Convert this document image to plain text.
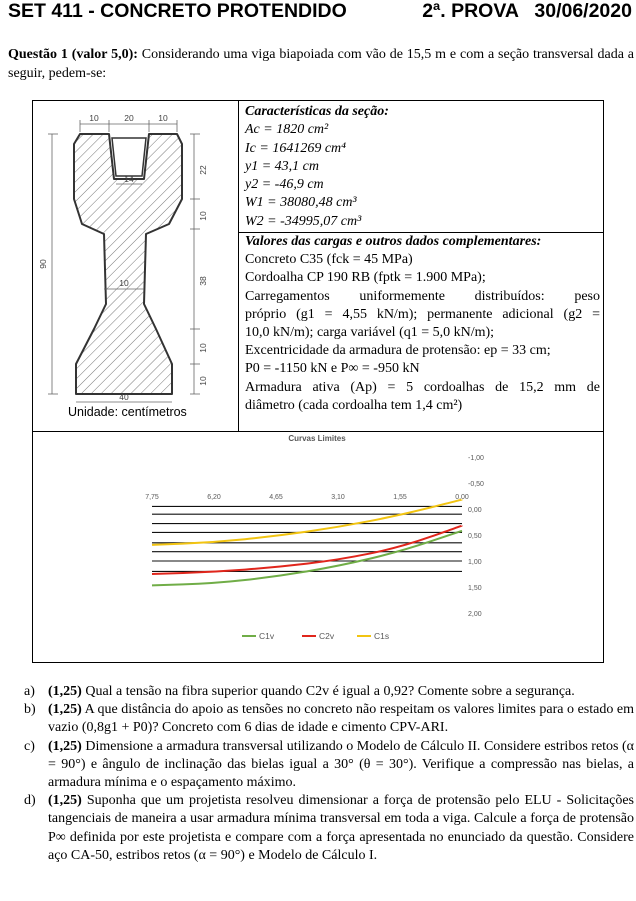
SET 411 - CONCRETO PROTENDIDO	2ª. PROVA 30/06/2020
Questão 1 (valor 5,0): Considerando uma viga biapoiada com vão de 15,5 m e com a seção transversal dada a seguir, pedem-se:
10	20	10
14
22
10
38
10
10
90
10
40
Unidade: centímetros
Características da seção:
Ac = 1820 cm²
Ic = 1641269 cm⁴
y1 = 43,1 cm
y2 = -46,9 cm
W1 = 38080,48 cm³
W2 = -34995,07 cm³
Valores das cargas e outros dados complementares:
Concreto C35 (fck = 45 MPa)
Cordoalha CP 190 RB (fptk = 1.900 MPa);
Carregamentos uniformemente distribuídos: peso
próprio (g1 = 4,55 kN/m); permanente adicional (g2 =
10,0 kN/m); carga variável (q1 = 5,0 kN/m);
Excentricidade da armadura de protensão: ep = 33 cm;
P0 = -1150 kN e P∞ = -950 kN
Armadura ativa (Ap) = 5 cordoalhas de 15,2 mm de
diâmetro (cada cordoalha tem 1,4 cm²)
Curvas Limites
-1,00
-0,50
0,00
0,50
1,00
1,50
2,00
7,75	6,20	4,65	3,10	1,55	0,00
C1v	C2v	C1s
a) (1,25) Qual a tensão na fibra superior quando C2v é igual a 0,92? Comente sobre a segurança.
b) (1,25) A que distância do apoio as tensões no concreto não respeitam os valores limites para o estado em vazio (0,8g1 + P0)? Concreto com 6 dias de idade e cimento CPV-ARI.
c) (1,25) Dimensione a armadura transversal utilizando o Modelo de Cálculo II. Considere estribos retos (α = 90°) e ângulo de inclinação das bielas igual a 30° (θ = 30°). Verifique a compressão nas bielas, a armadura mínima e o espaçamento máximo.
d) (1,25) Suponha que um projetista resolveu dimensionar a força de protensão pelo ELU - Solicitações tangenciais de maneira a usar armadura mínima transversal em toda a viga. Calcule a força de protensão P∞ definida por este projetista e compare com a força apresentada no enunciado da questão. Considere aço CA-50, estribos retos (α = 90°) e Modelo de Cálculo I.
